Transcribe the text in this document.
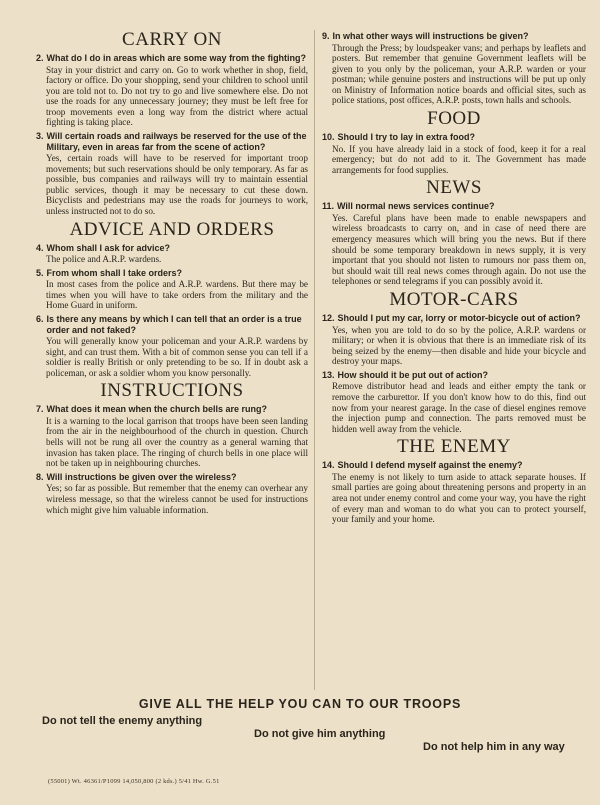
CARRY ON
2. What do I do in areas which are some way from the fighting?
Stay in your district and carry on. Go to work whether in shop, field, factory or office. Do your shopping, send your children to school until you are told not to. Do not try to go and live somewhere else. Do not use the roads for any unnecessary journey; they must be left free for troop movements even a long way from the district where actual fighting is taking place.
3. Will certain roads and railways be reserved for the use of the Military, even in areas far from the scene of action?
Yes, certain roads will have to be reserved for important troop movements; but such reservations should be only temporary. As far as possible, bus companies and railways will try to maintain essential public services, though it may be necessary to cut these down. Bicyclists and pedestrians may use the roads for journeys to work, unless instructed not to do so.
ADVICE AND ORDERS
4. Whom shall I ask for advice?
The police and A.R.P. wardens.
5. From whom shall I take orders?
In most cases from the police and A.R.P. wardens. But there may be times when you will have to take orders from the military and the Home Guard in uniform.
6. Is there any means by which I can tell that an order is a true order and not faked?
You will generally know your policeman and your A.R.P. wardens by sight, and can trust them. With a bit of common sense you can tell if a soldier is really British or only pretending to be so. If in doubt ask a policeman, or ask a soldier whom you know personally.
INSTRUCTIONS
7. What does it mean when the church bells are rung?
It is a warning to the local garrison that troops have been seen landing from the air in the neighbourhood of the church in question. Church bells will not be rung all over the country as a general warning that invasion has taken place. The ringing of church bells in one place will not be taken up in neighbouring churches.
8. Will instructions be given over the wireless?
Yes; so far as possible. But remember that the enemy can overhear any wireless message, so that the wireless cannot be used for instructions which might give him valuable information.
9. In what other ways will instructions be given?
Through the Press; by loudspeaker vans; and perhaps by leaflets and posters. But remember that genuine Government leaflets will be given to you only by the policeman, your A.R.P. warden or your postman; while genuine posters and instructions will be put up only on Ministry of Information notice boards and official sites, such as police stations, post offices, A.R.P. posts, town halls and schools.
FOOD
10. Should I try to lay in extra food?
No. If you have already laid in a stock of food, keep it for a real emergency; but do not add to it. The Government has made arrangements for food supplies.
NEWS
11. Will normal news services continue?
Yes. Careful plans have been made to enable newspapers and wireless broadcasts to carry on, and in case of need there are emergency measures which will bring you the news. But if there should be some temporary breakdown in news supply, it is very important that you should not listen to rumours nor pass them on, but should wait till real news comes through again. Do not use the telephones or send telegrams if you can possibly avoid it.
MOTOR-CARS
12. Should I put my car, lorry or motor-bicycle out of action?
Yes, when you are told to do so by the police, A.R.P. wardens or military; or when it is obvious that there is an immediate risk of its being seized by the enemy—then disable and hide your bicycle and destroy your maps.
13. How should it be put out of action?
Remove distributor head and leads and either empty the tank or remove the carburettor. If you don't know how to do this, find out now from your nearest garage. In the case of diesel engines remove the injection pump and connection. The parts removed must be hidden well away from the vehicle.
THE ENEMY
14. Should I defend myself against the enemy?
The enemy is not likely to turn aside to attack separate houses. If small parties are going about threatening persons and property in an area not under enemy control and come your way, you have the right of every man and woman to do what you can to protect yourself, your family and your home.
GIVE ALL THE HELP YOU CAN TO OUR TROOPS
Do not tell the enemy anything
Do not give him anything
Do not help him in any way
(55001) Wt. 46361/P1099 14,050,800 (2 kds.) 5/41 Hw. G.51
